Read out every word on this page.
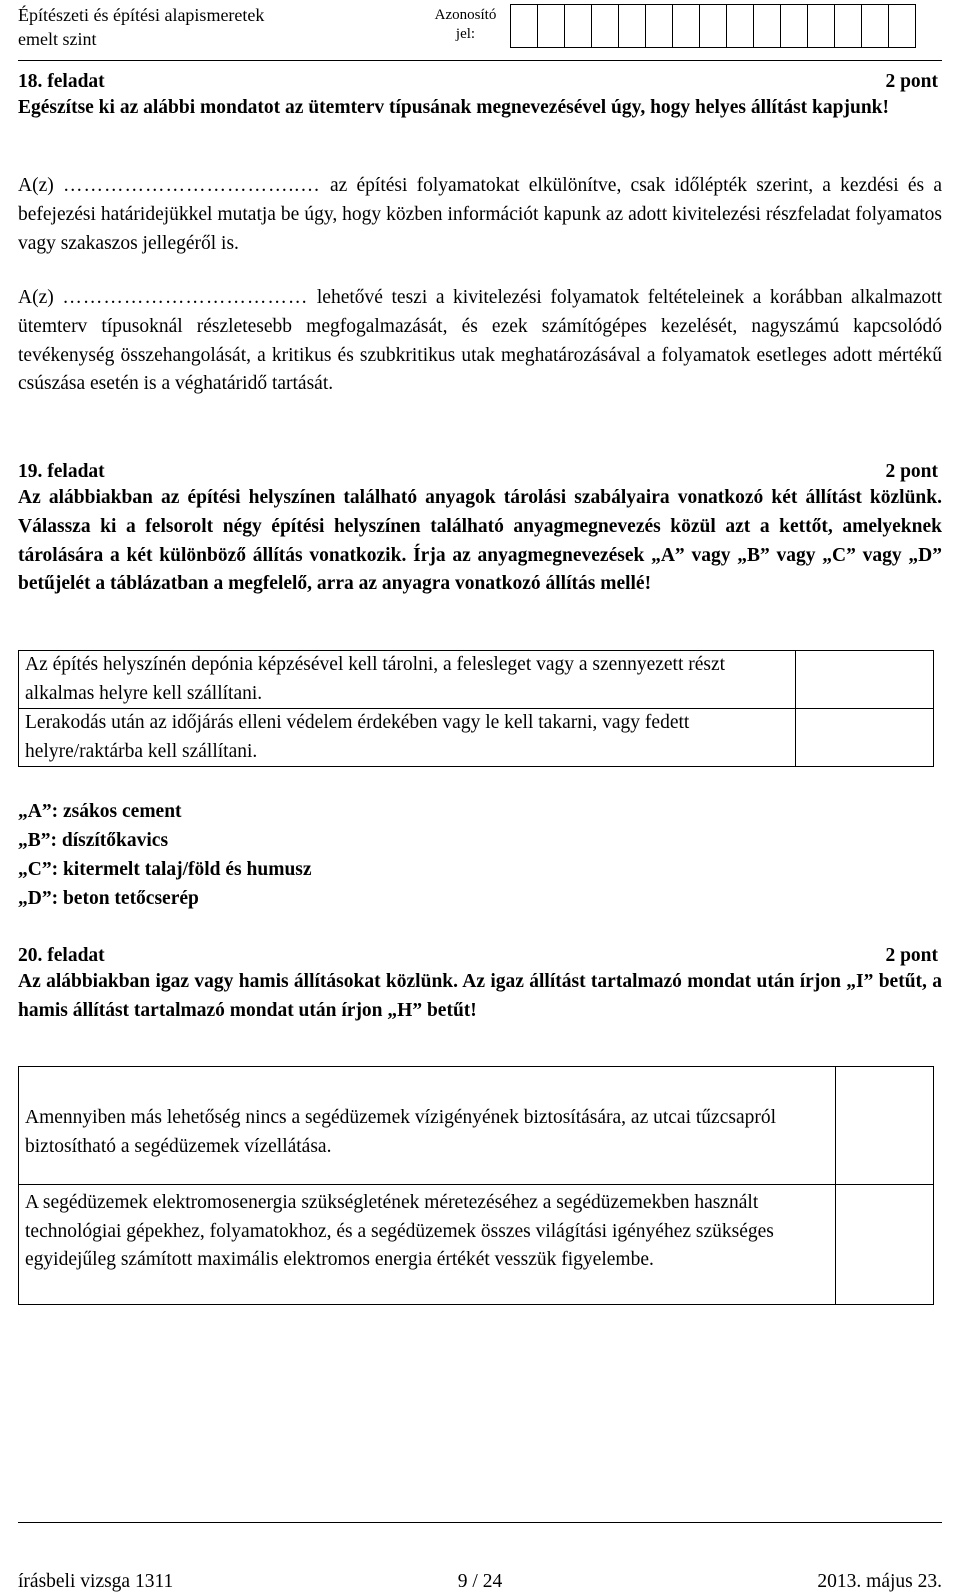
Építészeti és építési alapismeretek
emelt szint
Azonosító
jel:
18. feladat	2 pont
Egészítse ki az alábbi mondatot az ütemterv típusának megnevezésével úgy, hogy helyes állítást kapjunk!
A(z) ……………………………..… az építési folyamatokat elkülönítve, csak időlépték szerint, a kezdési és a befejezési határidejükkel mutatja be úgy, hogy közben információt kapunk az adott kivitelezési részfeladat folyamatos vagy szakaszos jellegéről is.
A(z) ……………………………… lehetővé teszi a kivitelezési folyamatok feltételeinek a korábban alkalmazott ütemterv típusoknál részletesebb megfogalmazását, és ezek számítógépes kezelését, nagyszámú kapcsolódó tevékenység összehangolását, a kritikus és szubkritikus utak meghatározásával a folyamatok esetleges adott mértékű csúszása esetén is a véghatáridő tartását.
19. feladat	2 pont
Az alábbiakban az építési helyszínen található anyagok tárolási szabályaira vonatkozó két állítást közlünk. Válassza ki a felsorolt négy építési helyszínen található anyagmegnevezés közül azt a kettőt, amelyeknek tárolására a két különböző állítás vonatkozik. Írja az anyagmegnevezések „A” vagy „B” vagy „C” vagy „D” betűjelét a táblázatban a megfelelő, arra az anyagra vonatkozó állítás mellé!
Az építés helyszínén depónia képzésével kell tárolni, a felesleget vagy a szennyezett részt alkalmas helyre kell szállítani.	
Lerakodás után az időjárás elleni védelem érdekében vagy le kell takarni, vagy fedett helyre/raktárba kell szállítani.	
„A”: zsákos cement
„B”: díszítőkavics
„C”: kitermelt talaj/föld és humusz
„D”: beton tetőcserép
20. feladat	2 pont
Az alábbiakban igaz vagy hamis állításokat közlünk. Az igaz állítást tartalmazó mondat után írjon „I” betűt, a hamis állítást tartalmazó mondat után írjon „H” betűt!
Amennyiben más lehetőség nincs a segédüzemek vízigényének biztosítására, az utcai tűzcsapról biztosítható a segédüzemek vízellátása.	
A segédüzemek elektromosenergia szükségletének méretezéséhez a segédüzemekben használt technológiai gépekhez, folyamatokhoz, és a segédüzemek összes világítási igényéhez szükséges egyidejűleg számított maximális elektromos energia értékét vesszük figyelembe.	
írásbeli vizsga 1311	9 / 24	2013. május 23.
